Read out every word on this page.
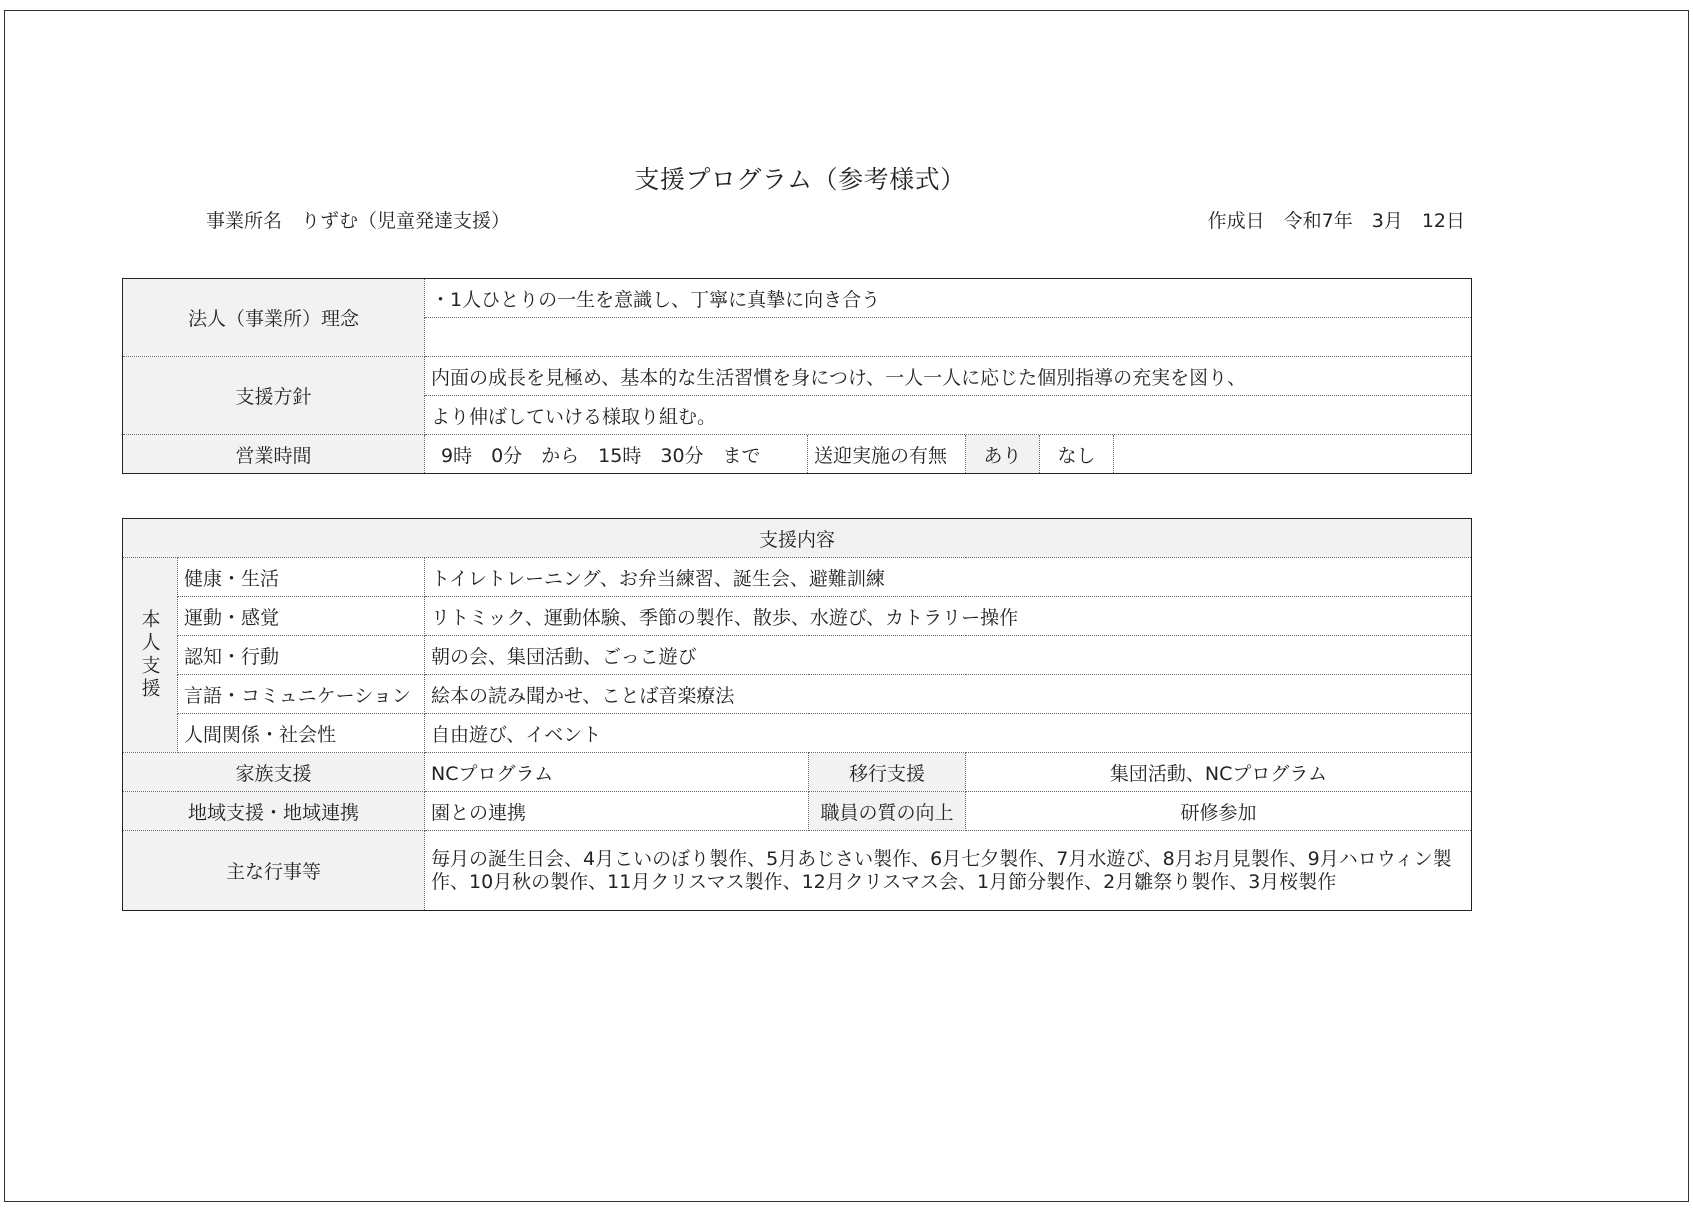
支援プログラム（参考様式）
事業所名　りずむ（児童発達支援）	作成日　令和7年　3月　12日
法人（事業所）理念	・1人ひとりの一生を意識し、丁寧に真摯に向き合う

支援方針	内面の成長を見極め、基本的な生活習慣を身につけ、一人一人に応じた個別指導の充実を図り、
	より伸ばしていける様取り組む。
営業時間	9時　0分　から　15時　30分　まで 送迎実施の有無 あり なし
支援内容				
本人支援	健康・生活	トイレトレーニング、お弁当練習、誕生会、避難訓練		
	運動・感覚	リトミック、運動体験、季節の製作、散歩、水遊び、カトラリー操作		
	認知・行動	朝の会、集団活動、ごっこ遊び		
	言語・コミュニケーション	絵本の読み聞かせ、ことば音楽療法		
	人間関係・社会性	自由遊び、イベント		
家族支援		NCプログラム	移行支援	集団活動、NCプログラム
地域支援・地域連携		園との連携	職員の質の向上	研修参加
主な行事等		毎月の誕生日会、4月こいのぼり製作、5月あじさい製作、6月七夕製作、7月水遊び、8月お月見製作、9月ハロウィン製作、10月秋の製作、11月クリスマス製作、12月クリスマス会、1月節分製作、2月雛祭り製作、3月桜製作		
